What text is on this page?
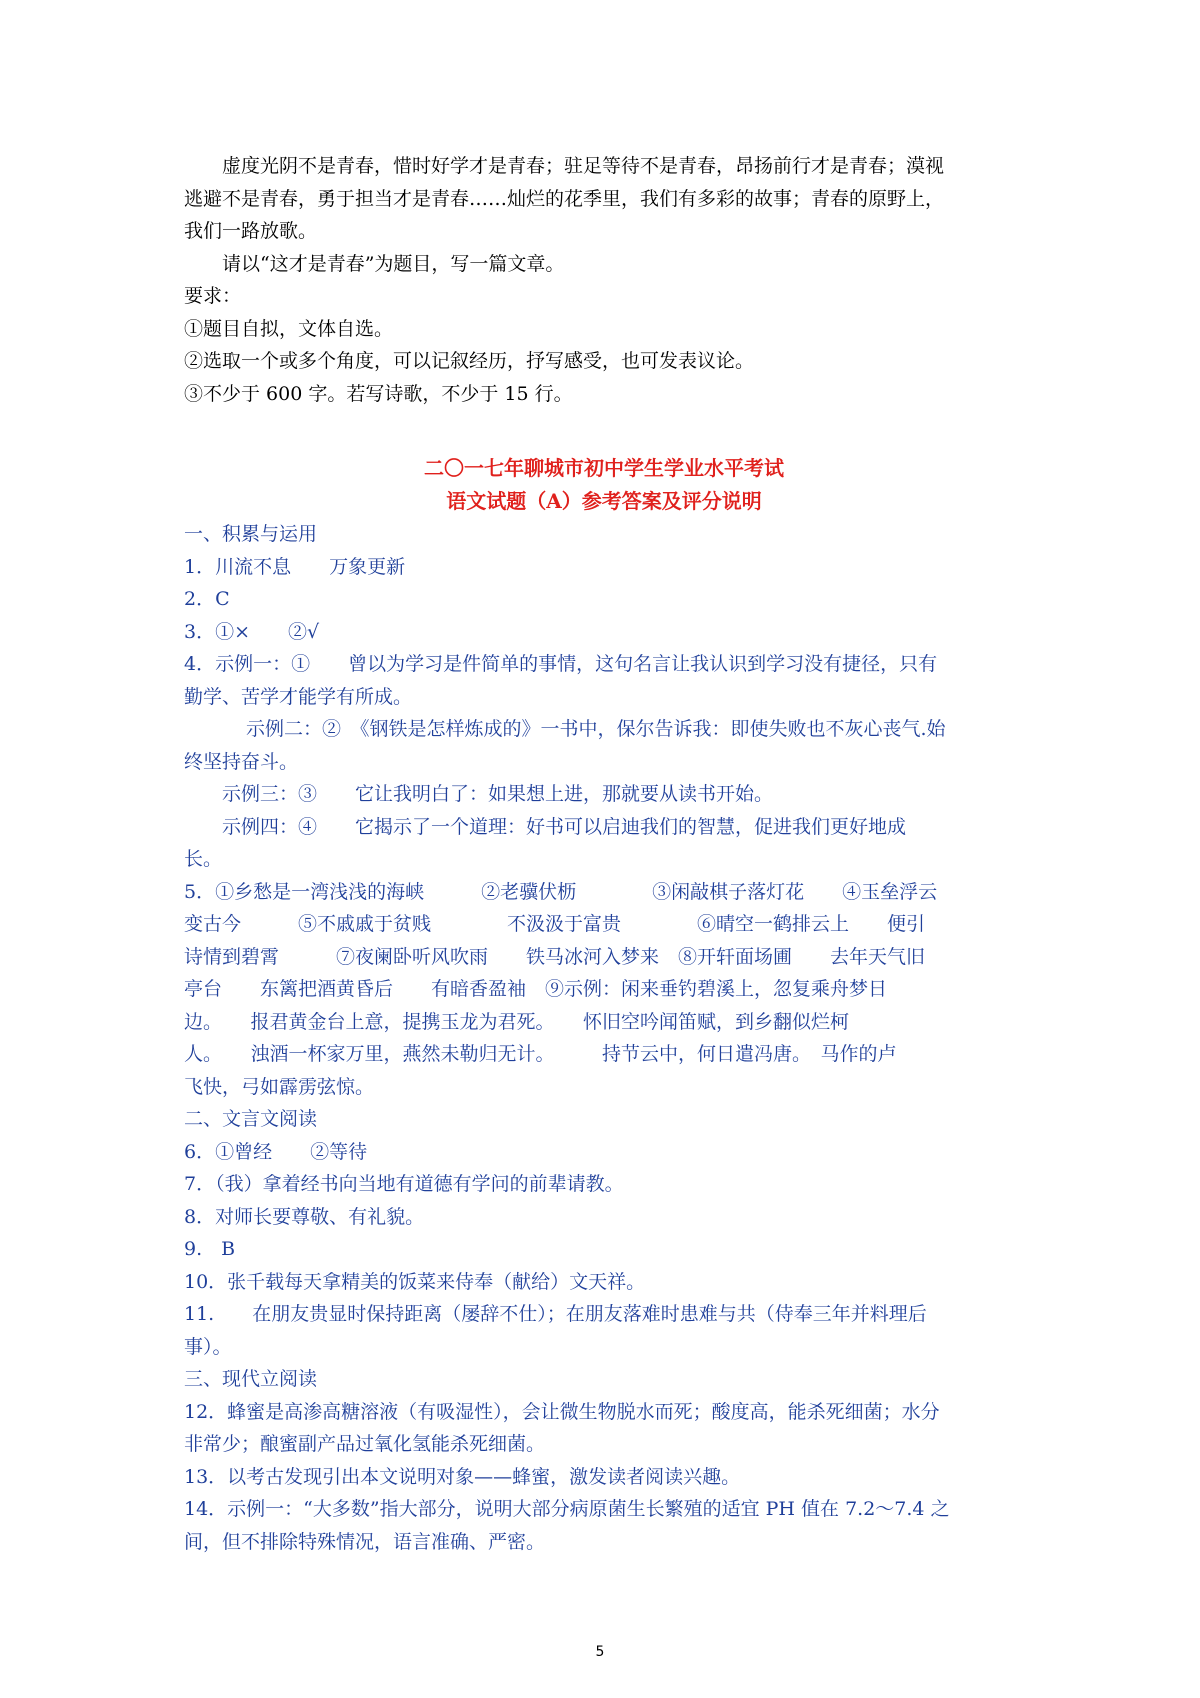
虚度光阴不是青春，惜时好学才是青春；驻足等待不是青春，昂扬前行才是青春；漠视
逃避不是青春，勇于担当才是青春……灿烂的花季里，我们有多彩的故事；青春的原野上，
我们一路放歌。
请以“这才是青春”为题目，写一篇文章。
要求：
①题目自拟，文体自选。
②选取一个或多个角度，可以记叙经历，抒写感受，也可发表议论。
③不少于 600 字。若写诗歌，不少于 15 行。
二〇一七年聊城市初中学生学业水平考试
语文试题（A）参考答案及评分说明
一、积累与运用
1．川流不息　　万象更新
2．C
3．①×　　②√
4．示例一：①　　曾以为学习是件简单的事情，这句名言让我认识到学习没有捷径，只有
勤学、苦学才能学有所成。
示例二：②　《钢铁是怎样炼成的》一书中，保尔告诉我：即使失败也不灰心丧气.始
终坚持奋斗。
示例三：③　　它让我明白了：如果想上进，那就要从读书开始。
示例四：④　　它揭示了一个道理：好书可以启迪我们的智慧，促进我们更好地成
长。
5．①乡愁是一湾浅浅的海峡　　　②老骥伏枥　　　　③闲敲棋子落灯花　　④玉垒浮云
变古今　　　⑤不戚戚于贫贱　　　　不汲汲于富贵　　　　⑥晴空一鹤排云上　　便引
诗情到碧霄　　　⑦夜阑卧听风吹雨　　铁马冰河入梦来　⑧开轩面场圃　　去年天气旧
亭台　　东篱把酒黄昏后　　有暗香盈袖　⑨示例：闲来垂钓碧溪上，忽复乘舟梦日
边。　　报君黄金台上意，提携玉龙为君死。　　怀旧空吟闻笛赋，到乡翻似烂柯
人。　　浊酒一杯家万里，燕然未勒归无计。　　　持节云中，何日遣冯唐。　马作的卢
飞快，弓如霹雳弦惊。
二、文言文阅读
6．①曾经　　②等待
7．（我）拿着经书向当地有道德有学问的前辈请教。
8．对师长要尊敬、有礼貌。
9.　B
10．张千载每天拿精美的饭菜来侍奉（献给）文天祥。
11.　　在朋友贵显时保持距离（屡辞不仕）；在朋友落难时患难与共（侍奉三年并料理后
事）。
三、现代立阅读
12．蜂蜜是高渗高糖溶液（有吸湿性），会让微生物脱水而死；酸度高，能杀死细菌；水分
非常少；酿蜜副产品过氧化氢能杀死细菌。
13．以考古发现引出本文说明对象——蜂蜜，激发读者阅读兴趣。
14．示例一：“大多数”指大部分，说明大部分病原菌生长繁殖的适宜 PH 值在 7.2～7.4 之
间，但不排除特殊情况，语言准确、严密。
5
